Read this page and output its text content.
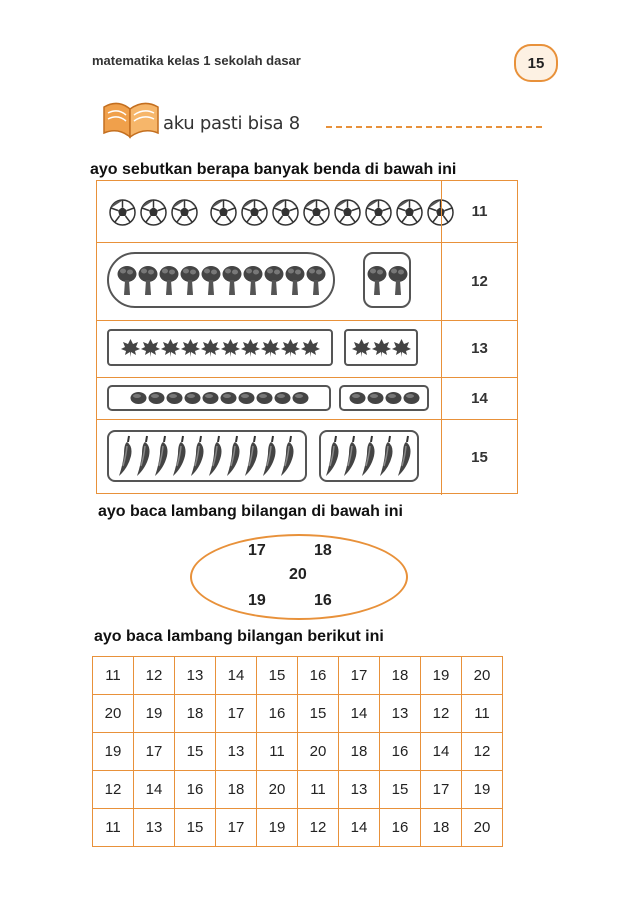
matematika kelas 1 sekolah dasar	15
aku pasti bisa 8
ayo sebutkan berapa banyak benda di bawah ini
11
12
13
14
15
ayo baca lambang bilangan di bawah ini
17	18
20
19	16
ayo baca lambang bilangan berikut ini
11	12	13	14	15	16	17	18	19	20
20	19	18	17	16	15	14	13	12	11
19	17	15	13	11	20	18	16	14	12
12	14	16	18	20	11	13	15	17	19
11	13	15	17	19	12	14	16	18	20
